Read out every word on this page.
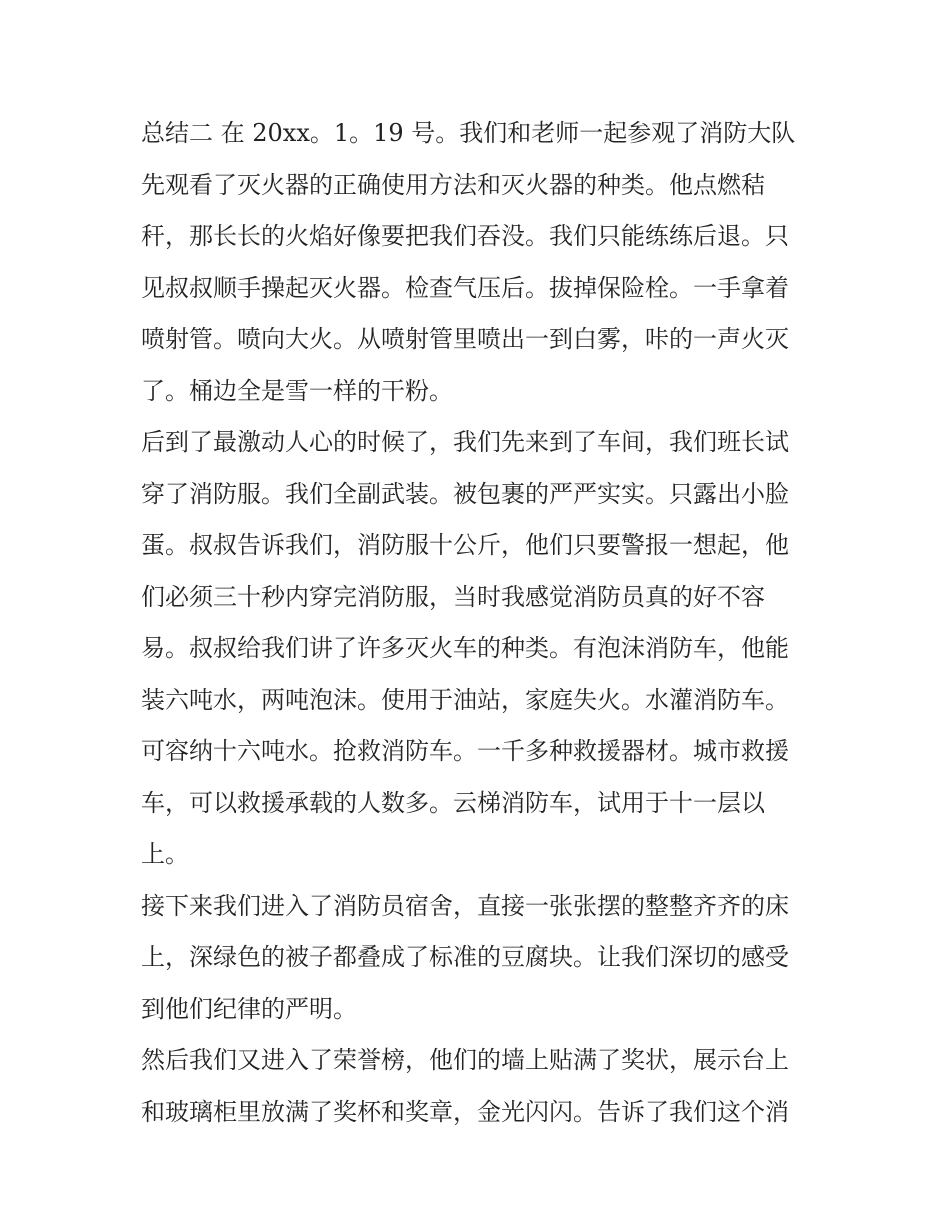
总结二 在 20xx。1。19 号。我们和老师一起参观了消防大队
先观看了灭火器的正确使用方法和灭火器的种类。他点燃秸
秆，那长长的火焰好像要把我们吞没。我们只能练练后退。只
见叔叔顺手操起灭火器。检查气压后。拔掉保险栓。一手拿着
喷射管。喷向大火。从喷射管里喷出一到白雾，咔的一声火灭
了。桶边全是雪一样的干粉。
后到了最激动人心的时候了，我们先来到了车间，我们班长试
穿了消防服。我们全副武装。被包裹的严严实实。只露出小脸
蛋。叔叔告诉我们，消防服十公斤，他们只要警报一想起，他
们必须三十秒内穿完消防服，当时我感觉消防员真的好不容
易。叔叔给我们讲了许多灭火车的种类。有泡沫消防车，他能
装六吨水，两吨泡沫。使用于油站，家庭失火。水灌消防车。
可容纳十六吨水。抢救消防车。一千多种救援器材。城市救援
车，可以救援承载的人数多。云梯消防车，试用于十一层以
上。
接下来我们进入了消防员宿舍，直接一张张摆的整整齐齐的床
上，深绿色的被子都叠成了标准的豆腐块。让我们深切的感受
到他们纪律的严明。
然后我们又进入了荣誉榜，他们的墙上贴满了奖状，展示台上
和玻璃柜里放满了奖杯和奖章，金光闪闪。告诉了我们这个消
